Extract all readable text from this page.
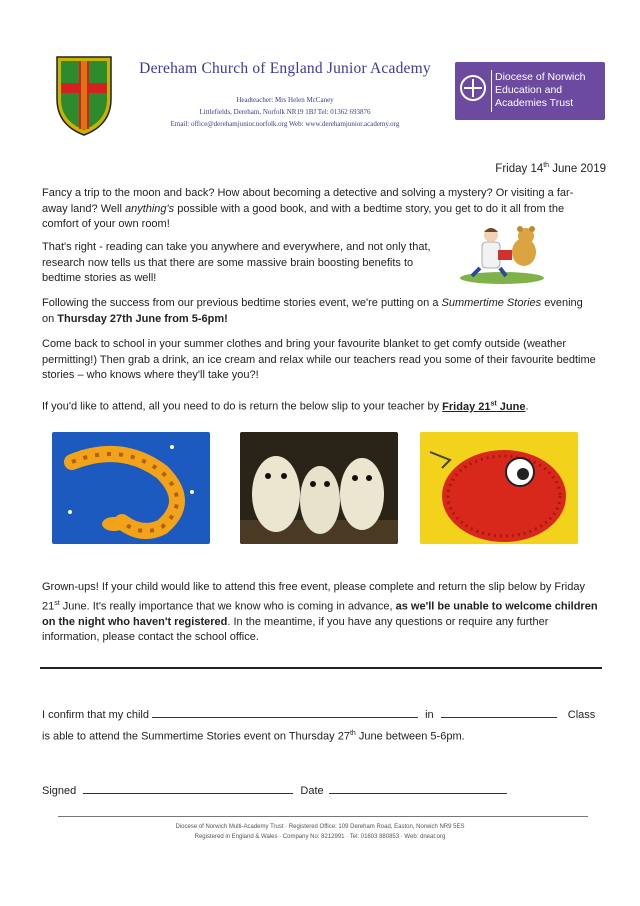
Dereham Church of England Junior Academy
Headteacher: Mrs Helen McCaney
Littlefields, Dereham, Norfolk NR19 1BJ Tel: 01362 693876
Email: office@derehamjunior.norfolk.org Web: www.derehamjunior.academy.org
Diocese of Norwich
Education and
Academies Trust
Friday 14th June 2019
Fancy a trip to the moon and back? How about becoming a detective and solving a mystery? Or visiting a far-away land? Well anything's possible with a good book, and with a bedtime story, you get to do it all from the comfort of your own room!
That's right - reading can take you anywhere and everywhere, and not only that, research now tells us that there are some massive brain boosting benefits to bedtime stories as well!
Following the success from our previous bedtime stories event, we're putting on a Summertime Stories evening on Thursday 27th June from 5-6pm!
Come back to school in your summer clothes and bring your favourite blanket to get comfy outside (weather permitting!) Then grab a drink, an ice cream and relax while our teachers read you some of their favourite bedtime stories – who knows where they'll take you?!
If you'd like to attend, all you need to do is return the below slip to your teacher by Friday 21st June.
Grown-ups! If your child would like to attend this free event, please complete and return the slip below by Friday 21st June. It's really importance that we know who is coming in advance, as we'll be unable to welcome children on the night who haven't registered. In the meantime, if you have any questions or require any further information, please contact the school office.
I confirm that my child	in	Class
is able to attend the Summertime Stories event on Thursday 27th June between 5-6pm.
Signed	Date
Diocese of Norwich Multi-Academy Trust · Registered Office: 109 Dereham Road, Easton, Norwich NR9 5ES
Registered in England & Wales · Company No: 8212991 · Tel: 01603 880853 · Web: dneat.org
